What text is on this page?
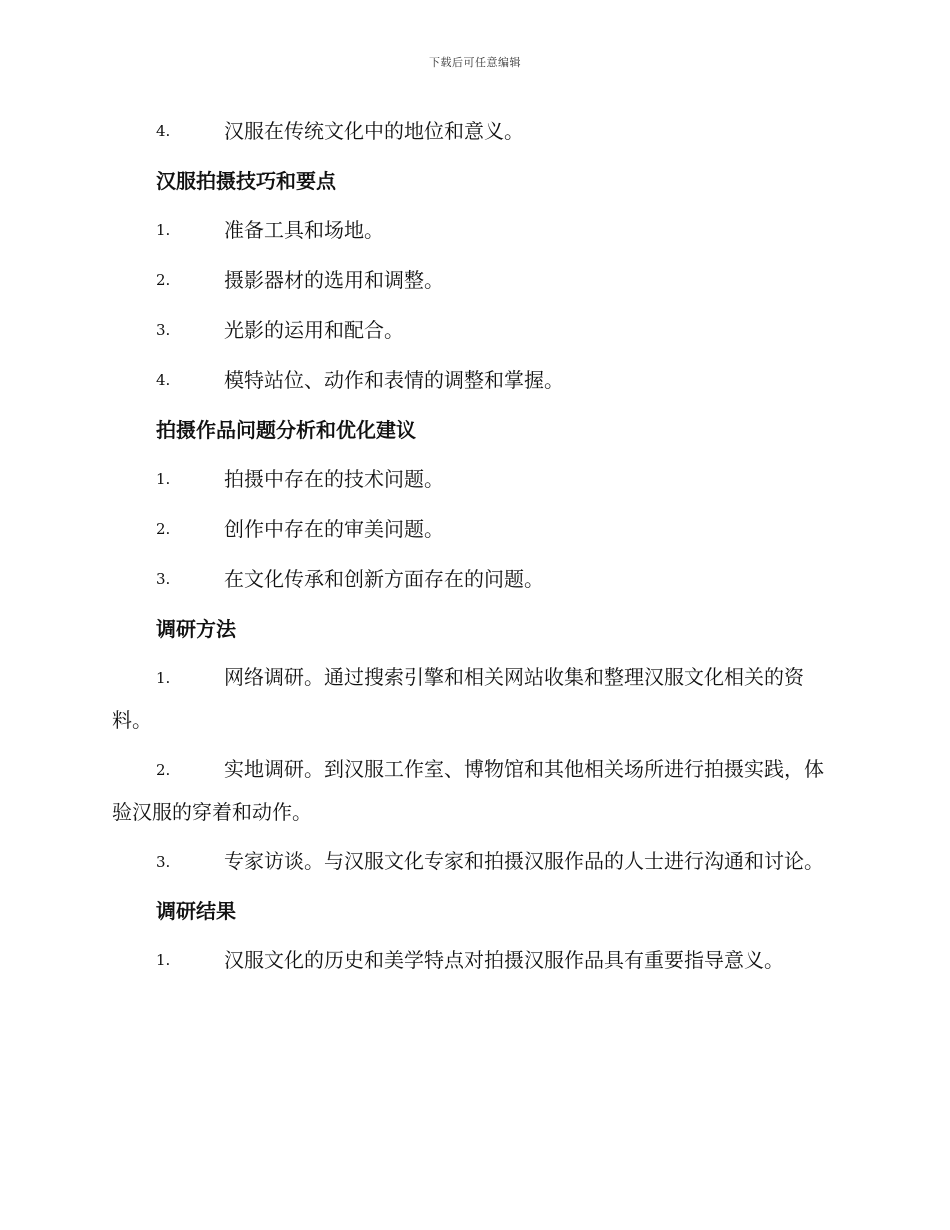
下载后可任意编辑
4.	汉服在传统文化中的地位和意义。
汉服拍摄技巧和要点
1.	准备工具和场地。
2.	摄影器材的选用和调整。
3.	光影的运用和配合。
4.	模特站位、动作和表情的调整和掌握。
拍摄作品问题分析和优化建议
1.	拍摄中存在的技术问题。
2.	创作中存在的审美问题。
3.	在文化传承和创新方面存在的问题。
调研方法
1.	网络调研。通过搜索引擎和相关网站收集和整理汉服文化相关的资料。
2.	实地调研。到汉服工作室、博物馆和其他相关场所进行拍摄实践，体验汉服的穿着和动作。
3.	专家访谈。与汉服文化专家和拍摄汉服作品的人士进行沟通和讨论。
调研结果
1.	汉服文化的历史和美学特点对拍摄汉服作品具有重要指导意义。
